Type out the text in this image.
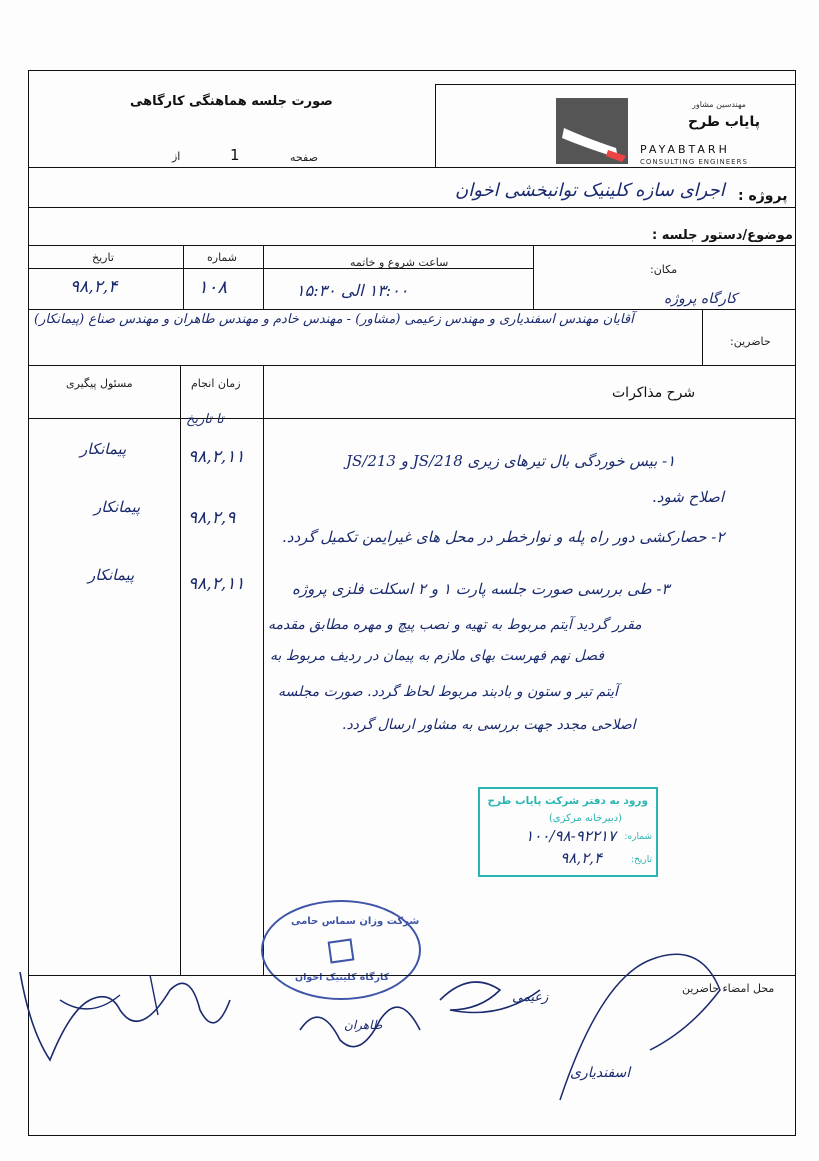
صورت جلسه هماهنگی کارگاهی
صفحه
1
از
مهندسین مشاور
پایاب طرح
PAYABTARH
CONSULTING ENGINEERS
پروژه :
اجرای سازه کلینیک توانبخشی اخوان
موضوع/دستور جلسه :
تاریخ
۹۸,۲,۴
شماره
۱۰۸
ساعت شروع و خاتمه
۱۳:۰۰ الی ۱۵:۳۰
مکان:
کارگاه پروژه
حاضرین:
آقایان مهندس اسفندیاری و مهندس زعیمی (مشاور) - مهندس خادم و مهندس طاهران و مهندس صناع (پیمانکار)
مسئول پیگیری	زمان انجام
شرح مذاکرات
تا تاریخ
۱- بیس خوردگی بال تیرهای زیری JS/218 و JS/213
اصلاح شود.
۹۸,۲,۱۱
پیمانکار
۲- حصارکشی دور راه پله و نوارخطر در محل های غیرایمن تکمیل گردد.
۹۸,۲,۹
پیمانکار
۳- طی بررسی صورت جلسه پارت ۱ و ۲ اسکلت فلزی پروژه
مقرر گردید آیتم مربوط به تهیه و نصب پیچ و مهره مطابق مقدمه
فصل نهم فهرست بهای ملازم به پیمان در ردیف مربوط به
آیتم تیر و ستون و بادبند مربوط لحاظ گردد. صورت مجلسه
اصلاحی مجدد جهت بررسی به مشاور ارسال گردد.
۹۸,۲,۱۱
پیمانکار
ورود به دفتر شرکت پایاب طرح
(دبیرخانه مرکزی)
شماره:
۱۰۰/۹۸-۹۲۲۱۷
تاریخ:
۹۸,۲,۴
شرکت وزان سماس حامی
کارگاه کلینیک اخوان
محل امضاء حاضرین
زعیمی
اسفندیاری
طاهران
